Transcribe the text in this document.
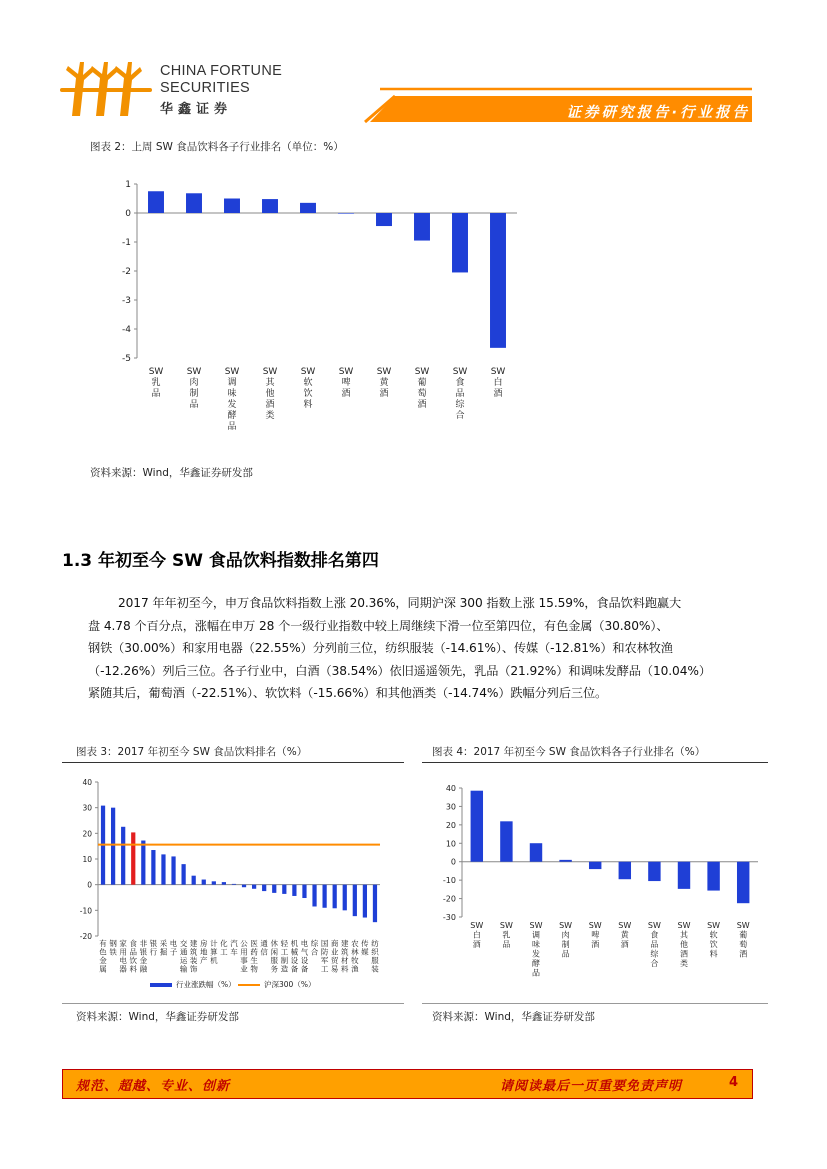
CHINA FORTUNE
SECURITIES
华鑫证券	证券研究报告·行业报告
图表 2：上周 SW 食品饮料各子行业排名（单位：%）
1
0
-1
-2
-3
-4
-5
SW 乳品
SW 肉制品
SW 调味发酵品
SW 其他酒类
SW 软饮料
SW 啤酒
SW 黄酒
SW 葡萄酒
SW 食品综合
SW 白酒
资料来源：Wind，华鑫证券研发部
1.3 年初至今 SW 食品饮料指数排名第四
2017 年年初至今，申万食品饮料指数上涨 20.36%，同期沪深 300 指数上涨 15.59%，食品饮料跑赢大
盘 4.78 个百分点，涨幅在申万 28 个一级行业指数中较上周继续下滑一位至第四位，有色金属（30.80%）、
钢铁（30.00%）和家用电器（22.55%）分列前三位，纺织服装（-14.61%）、传媒（-12.81%）和农林牧渔
（-12.26%）列后三位。各子行业中，白酒（38.54%）依旧遥遥领先，乳品（21.92%）和调味发酵品（10.04%）
紧随其后，葡萄酒（-22.51%）、软饮料（-15.66%）和其他酒类（-14.74%）跌幅分列后三位。
图表 3：2017 年初至今 SW 食品饮料排名（%）
40
30
20
10
0
-10
-20
有色金属
钢铁
家用电器
食品饮料
非银金融
银行
采掘
电子
交通运输
建筑装饰
房地产
计算机
化工
汽车
公用事业
医药生物
通信
休闲服务
轻工制造
机械设备
电气设备
综合
国防军工
商业贸易
建筑材料
农林牧渔
传媒
纺织服装
行业涨跌幅（%）	沪深300（%）
资料来源：Wind，华鑫证券研发部
图表 4：2017 年初至今 SW 食品饮料各子行业排名（%）
40
30
20
10
0
-10
-20
-30
SW 白酒
SW 乳品
SW 调味发酵品
SW 肉制品
SW 啤酒
SW 黄酒
SW 食品综合
SW 其他酒类
SW 软饮料
SW 葡萄酒
资料来源：Wind，华鑫证券研发部
规范、超越、专业、创新	请阅读最后一页重要免责声明	4
